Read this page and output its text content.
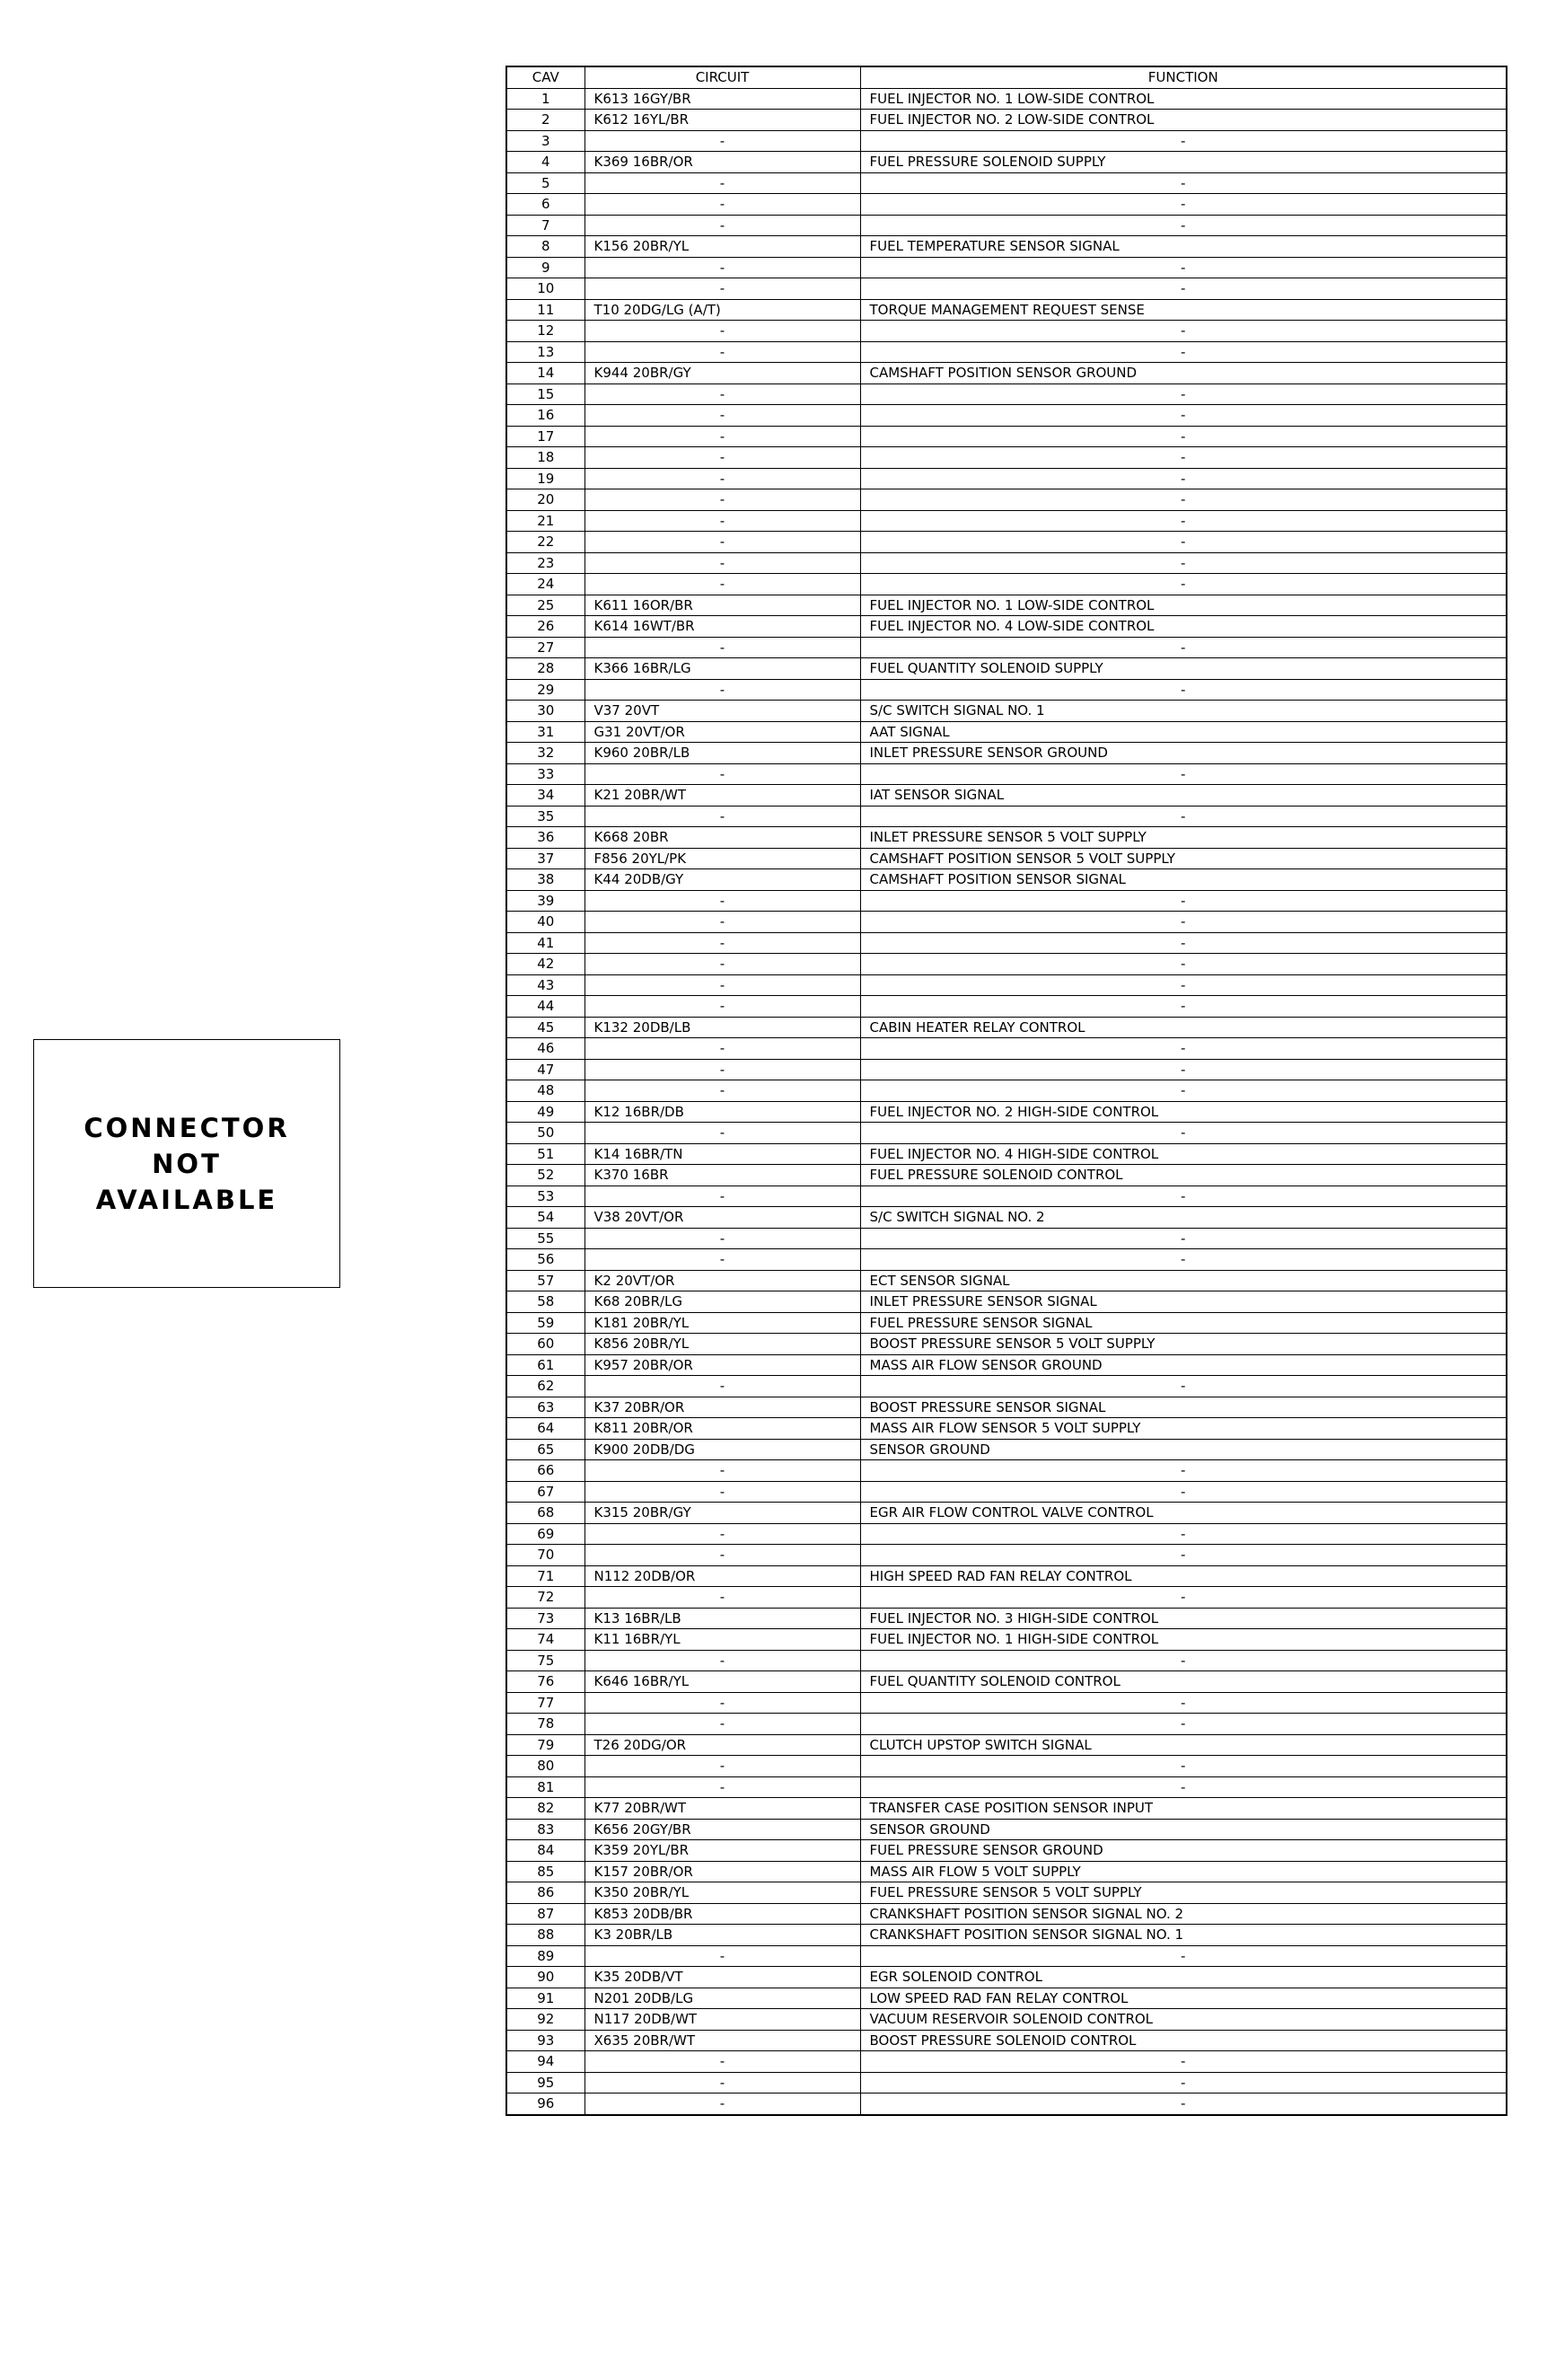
CONNECTOR
NOT
AVAILABLE
CAV	CIRCUIT	FUNCTION
1	K613 16GY/BR	FUEL INJECTOR NO. 1 LOW-SIDE CONTROL
2	K612 16YL/BR	FUEL INJECTOR NO. 2 LOW-SIDE CONTROL
3	-	-
4	K369 16BR/OR	FUEL PRESSURE SOLENOID SUPPLY
5	-	-
6	-	-
7	-	-
8	K156 20BR/YL	FUEL TEMPERATURE SENSOR SIGNAL
9	-	-
10	-	-
11	T10 20DG/LG (A/T)	TORQUE MANAGEMENT REQUEST SENSE
12	-	-
13	-	-
14	K944 20BR/GY	CAMSHAFT POSITION SENSOR GROUND
15	-	-
16	-	-
17	-	-
18	-	-
19	-	-
20	-	-
21	-	-
22	-	-
23	-	-
24	-	-
25	K611 16OR/BR	FUEL INJECTOR NO. 1 LOW-SIDE CONTROL
26	K614 16WT/BR	FUEL INJECTOR NO. 4 LOW-SIDE CONTROL
27	-	-
28	K366 16BR/LG	FUEL QUANTITY SOLENOID SUPPLY
29	-	-
30	V37 20VT	S/C SWITCH SIGNAL NO. 1
31	G31 20VT/OR	AAT SIGNAL
32	K960 20BR/LB	INLET PRESSURE SENSOR GROUND
33	-	-
34	K21 20BR/WT	IAT SENSOR SIGNAL
35	-	-
36	K668 20BR	INLET PRESSURE SENSOR 5 VOLT SUPPLY
37	F856 20YL/PK	CAMSHAFT POSITION SENSOR 5 VOLT SUPPLY
38	K44 20DB/GY	CAMSHAFT POSITION SENSOR SIGNAL
39	-	-
40	-	-
41	-	-
42	-	-
43	-	-
44	-	-
45	K132 20DB/LB	CABIN HEATER RELAY CONTROL
46	-	-
47	-	-
48	-	-
49	K12 16BR/DB	FUEL INJECTOR NO. 2 HIGH-SIDE CONTROL
50	-	-
51	K14 16BR/TN	FUEL INJECTOR NO. 4 HIGH-SIDE CONTROL
52	K370 16BR	FUEL PRESSURE SOLENOID CONTROL
53	-	-
54	V38 20VT/OR	S/C SWITCH SIGNAL NO. 2
55	-	-
56	-	-
57	K2 20VT/OR	ECT SENSOR SIGNAL
58	K68 20BR/LG	INLET PRESSURE SENSOR SIGNAL
59	K181 20BR/YL	FUEL PRESSURE SENSOR SIGNAL
60	K856 20BR/YL	BOOST PRESSURE SENSOR 5 VOLT SUPPLY
61	K957 20BR/OR	MASS AIR FLOW SENSOR GROUND
62	-	-
63	K37 20BR/OR	BOOST PRESSURE SENSOR SIGNAL
64	K811 20BR/OR	MASS AIR FLOW SENSOR 5 VOLT SUPPLY
65	K900 20DB/DG	SENSOR GROUND
66	-	-
67	-	-
68	K315 20BR/GY	EGR AIR FLOW CONTROL VALVE CONTROL
69	-	-
70	-	-
71	N112 20DB/OR	HIGH SPEED RAD FAN RELAY CONTROL
72	-	-
73	K13 16BR/LB	FUEL INJECTOR NO. 3 HIGH-SIDE CONTROL
74	K11 16BR/YL	FUEL INJECTOR NO. 1 HIGH-SIDE CONTROL
75	-	-
76	K646 16BR/YL	FUEL QUANTITY SOLENOID CONTROL
77	-	-
78	-	-
79	T26 20DG/OR	CLUTCH UPSTOP SWITCH SIGNAL
80	-	-
81	-	-
82	K77 20BR/WT	TRANSFER CASE POSITION SENSOR INPUT
83	K656 20GY/BR	SENSOR GROUND
84	K359 20YL/BR	FUEL PRESSURE SENSOR GROUND
85	K157 20BR/OR	MASS AIR FLOW 5 VOLT SUPPLY
86	K350 20BR/YL	FUEL PRESSURE SENSOR 5 VOLT SUPPLY
87	K853 20DB/BR	CRANKSHAFT POSITION SENSOR SIGNAL NO. 2
88	K3 20BR/LB	CRANKSHAFT POSITION SENSOR SIGNAL NO. 1
89	-	-
90	K35 20DB/VT	EGR SOLENOID CONTROL
91	N201 20DB/LG	LOW SPEED RAD FAN RELAY CONTROL
92	N117 20DB/WT	VACUUM RESERVOIR SOLENOID CONTROL
93	X635 20BR/WT	BOOST PRESSURE SOLENOID CONTROL
94	-	-
95	-	-
96	-	-
